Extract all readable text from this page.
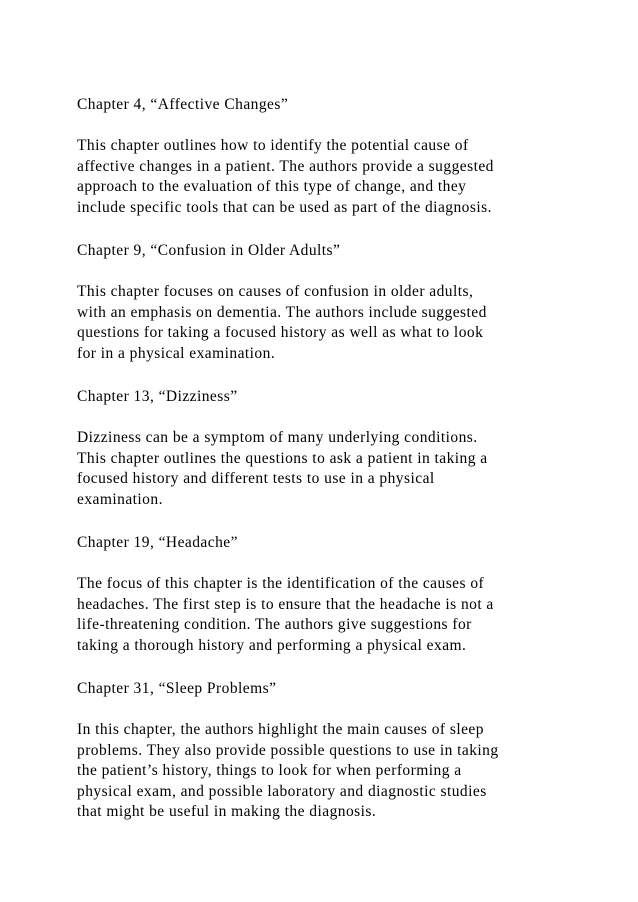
Chapter 4, “Affective Changes”
This chapter outlines how to identify the potential cause of
affective changes in a patient. The authors provide a suggested
approach to the evaluation of this type of change, and they
include specific tools that can be used as part of the diagnosis.
Chapter 9, “Confusion in Older Adults”
This chapter focuses on causes of confusion in older adults,
with an emphasis on dementia. The authors include suggested
questions for taking a focused history as well as what to look
for in a physical examination.
Chapter 13, “Dizziness”
Dizziness can be a symptom of many underlying conditions.
This chapter outlines the questions to ask a patient in taking a
focused history and different tests to use in a physical
examination.
Chapter 19, “Headache”
The focus of this chapter is the identification of the causes of
headaches. The first step is to ensure that the headache is not a
life-threatening condition. The authors give suggestions for
taking a thorough history and performing a physical exam.
Chapter 31, “Sleep Problems”
In this chapter, the authors highlight the main causes of sleep
problems. They also provide possible questions to use in taking
the patient’s history, things to look for when performing a
physical exam, and possible laboratory and diagnostic studies
that might be useful in making the diagnosis.
